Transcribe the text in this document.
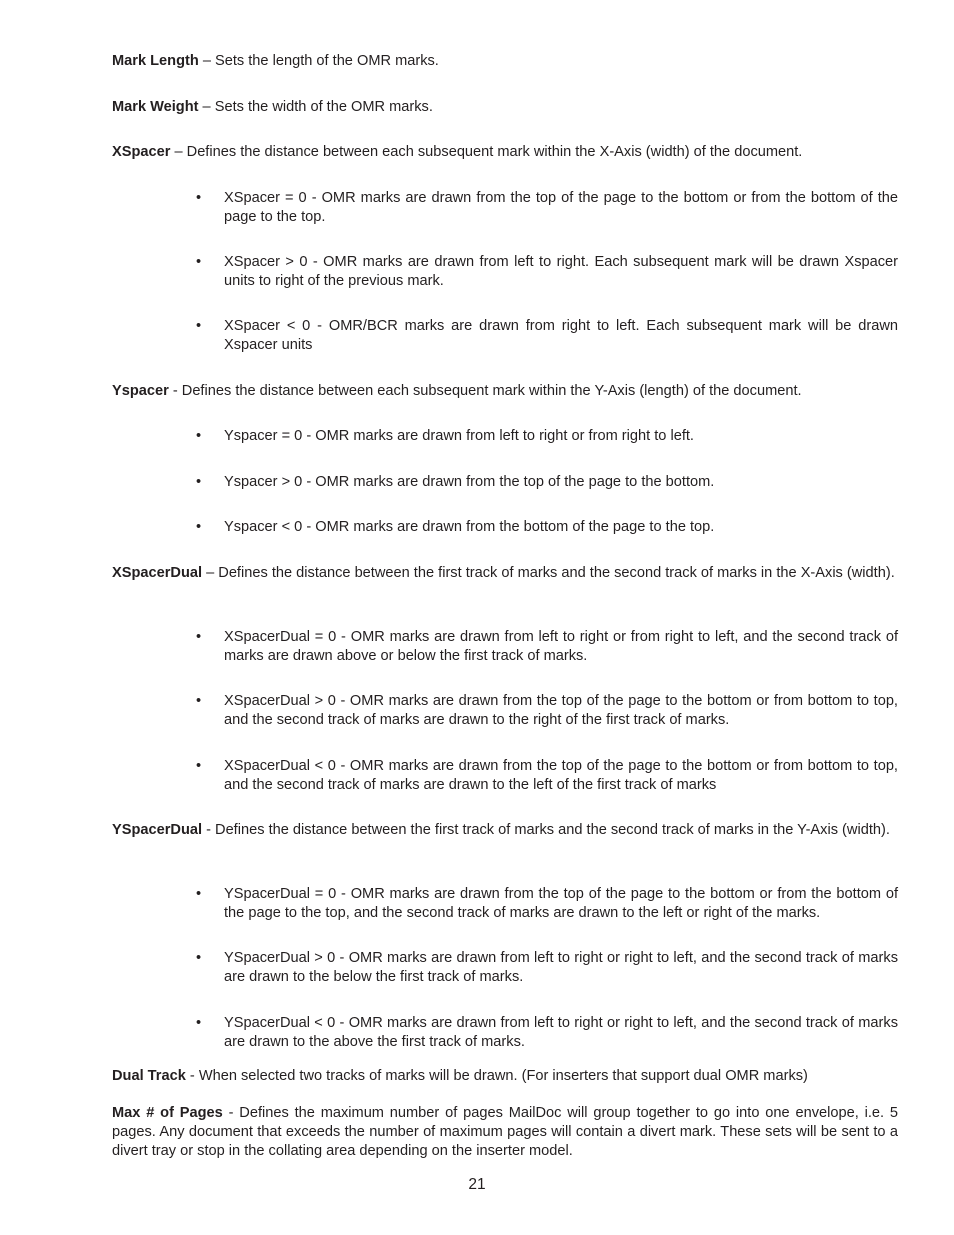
Mark Length – Sets the length of the OMR marks.

Mark Weight – Sets the width of the OMR marks.

XSpacer – Defines the distance between each subsequent mark within the X-Axis (width) of the document.

•	XSpacer = 0 - OMR marks are drawn from the top of the page to the bottom or from the bottom of the page to the top.
•	XSpacer > 0 - OMR marks are drawn from left to right. Each subsequent mark will be drawn Xspacer units to right of the previous mark.
•	XSpacer < 0 - OMR/BCR marks are drawn from right to left. Each subsequent mark will be drawn Xspacer units

Yspacer - Defines the distance between each subsequent mark within the Y-Axis (length) of the document.

•	Yspacer = 0 - OMR marks are drawn from left to right or from right to left.
•	Yspacer > 0 - OMR marks are drawn from the top of the page to the bottom.
•	Yspacer < 0 - OMR marks are drawn from the bottom of the page to the top.

XSpacerDual – Defines the distance between the first track of marks and the second track of marks in the X-Axis (width).

•	XSpacerDual = 0 - OMR marks are drawn from left to right or from right to left, and the second track of marks are drawn above or below the first track of marks.
•	XSpacerDual > 0 - OMR marks are drawn from the top of the page to the bottom or from bottom to top, and the second track of marks are drawn to the right of the first track of marks.
•	XSpacerDual < 0 - OMR marks are drawn from the top of the page to the bottom or from bottom to top, and the second track of marks are drawn to the left of the first track of marks

YSpacerDual - Defines the distance between the first track of marks and the second track of marks in the Y-Axis (width).

•	YSpacerDual = 0 - OMR marks are drawn from the top of the page to the bottom or from the bottom of the page to the top, and the second track of marks are drawn to the left or right of the marks.
•	YSpacerDual > 0 - OMR marks are drawn from left to right or right to left, and the second track of marks are drawn to the below the first track of marks.
•	YSpacerDual < 0 - OMR marks are drawn from left to right or right to left, and the second track of marks are drawn to the above the first track of marks.

Dual Track - When selected two tracks of marks will be drawn. (For inserters that support dual OMR marks)

Max # of Pages - Defines the maximum number of pages MailDoc will group together to go into one envelope, i.e. 5 pages. Any document that exceeds the number of maximum pages will contain a divert mark. These sets will be sent to a divert tray or stop in the collating area depending on the inserter model.

21
